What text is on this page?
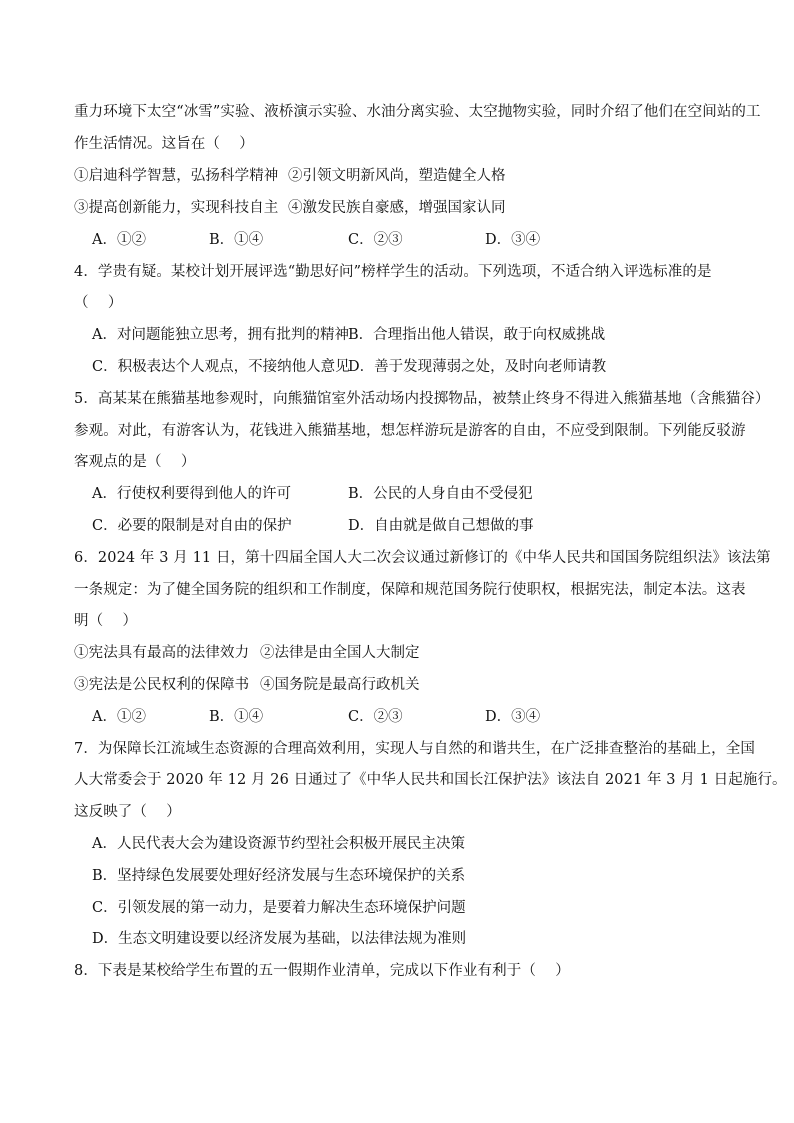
重力环境下太空“冰雪”实验、液桥演示实验、水油分离实验、太空抛物实验，同时介绍了他们在空间站的工
作生活情况。这旨在（　 ）
①启迪科学智慧，弘扬科学精神 ②引领文明新风尚，塑造健全人格
③提高创新能力，实现科技自主 ④激发民族自豪感，增强国家认同
A．①②	B．①④	C．②③	D．③④
4．学贵有疑。某校计划开展评选“勤思好问”榜样学生的活动。下列选项，不适合纳入评选标准的是
（　 ）
A．对问题能独立思考，拥有批判的精神 B．合理指出他人错误，敢于向权威挑战
C．积极表达个人观点，不接纳他人意见
D．善于发现薄弱之处，及时向老师请教
5．高某某在熊猫基地参观时，向熊猫馆室外活动场内投掷物品，被禁止终身不得进入熊猫基地（含熊猫谷）
参观。对此，有游客认为，花钱进入熊猫基地，想怎样游玩是游客的自由，不应受到限制。下列能反驳游
客观点的是（　 ）
A．行使权利要得到他人的许可	B．公民的人身自由不受侵犯
C．必要的限制是对自由的保护	D．自由就是做自己想做的事
6．2024 年 3 月 11 日，第十四届全国人大二次会议通过新修订的《中华人民共和国国务院组织法》该法第
一条规定：为了健全国务院的组织和工作制度，保障和规范国务院行使职权，根据宪法，制定本法。这表
明（　 ）
①宪法具有最高的法律效力 ②法律是由全国人大制定
③宪法是公民权利的保障书 ④国务院是最高行政机关
A．①②	B．①④	C．②③	D．③④
7．为保障长江流域生态资源的合理高效利用，实现人与自然的和谐共生，在广泛排查整治的基础上，全国
人大常委会于 2020 年 12 月 26 日通过了《中华人民共和国长江保护法》该法自 2021 年 3 月 1 日起施行。
这反映了（　 ）
A．人民代表大会为建设资源节约型社会积极开展民主决策
B．坚持绿色发展要处理好经济发展与生态环境保护的关系
C．引领发展的第一动力，是要着力解决生态环境保护问题
D．生态文明建设要以经济发展为基础，以法律法规为准则
8．下表是某校给学生布置的五一假期作业清单，完成以下作业有利于（　 ）
